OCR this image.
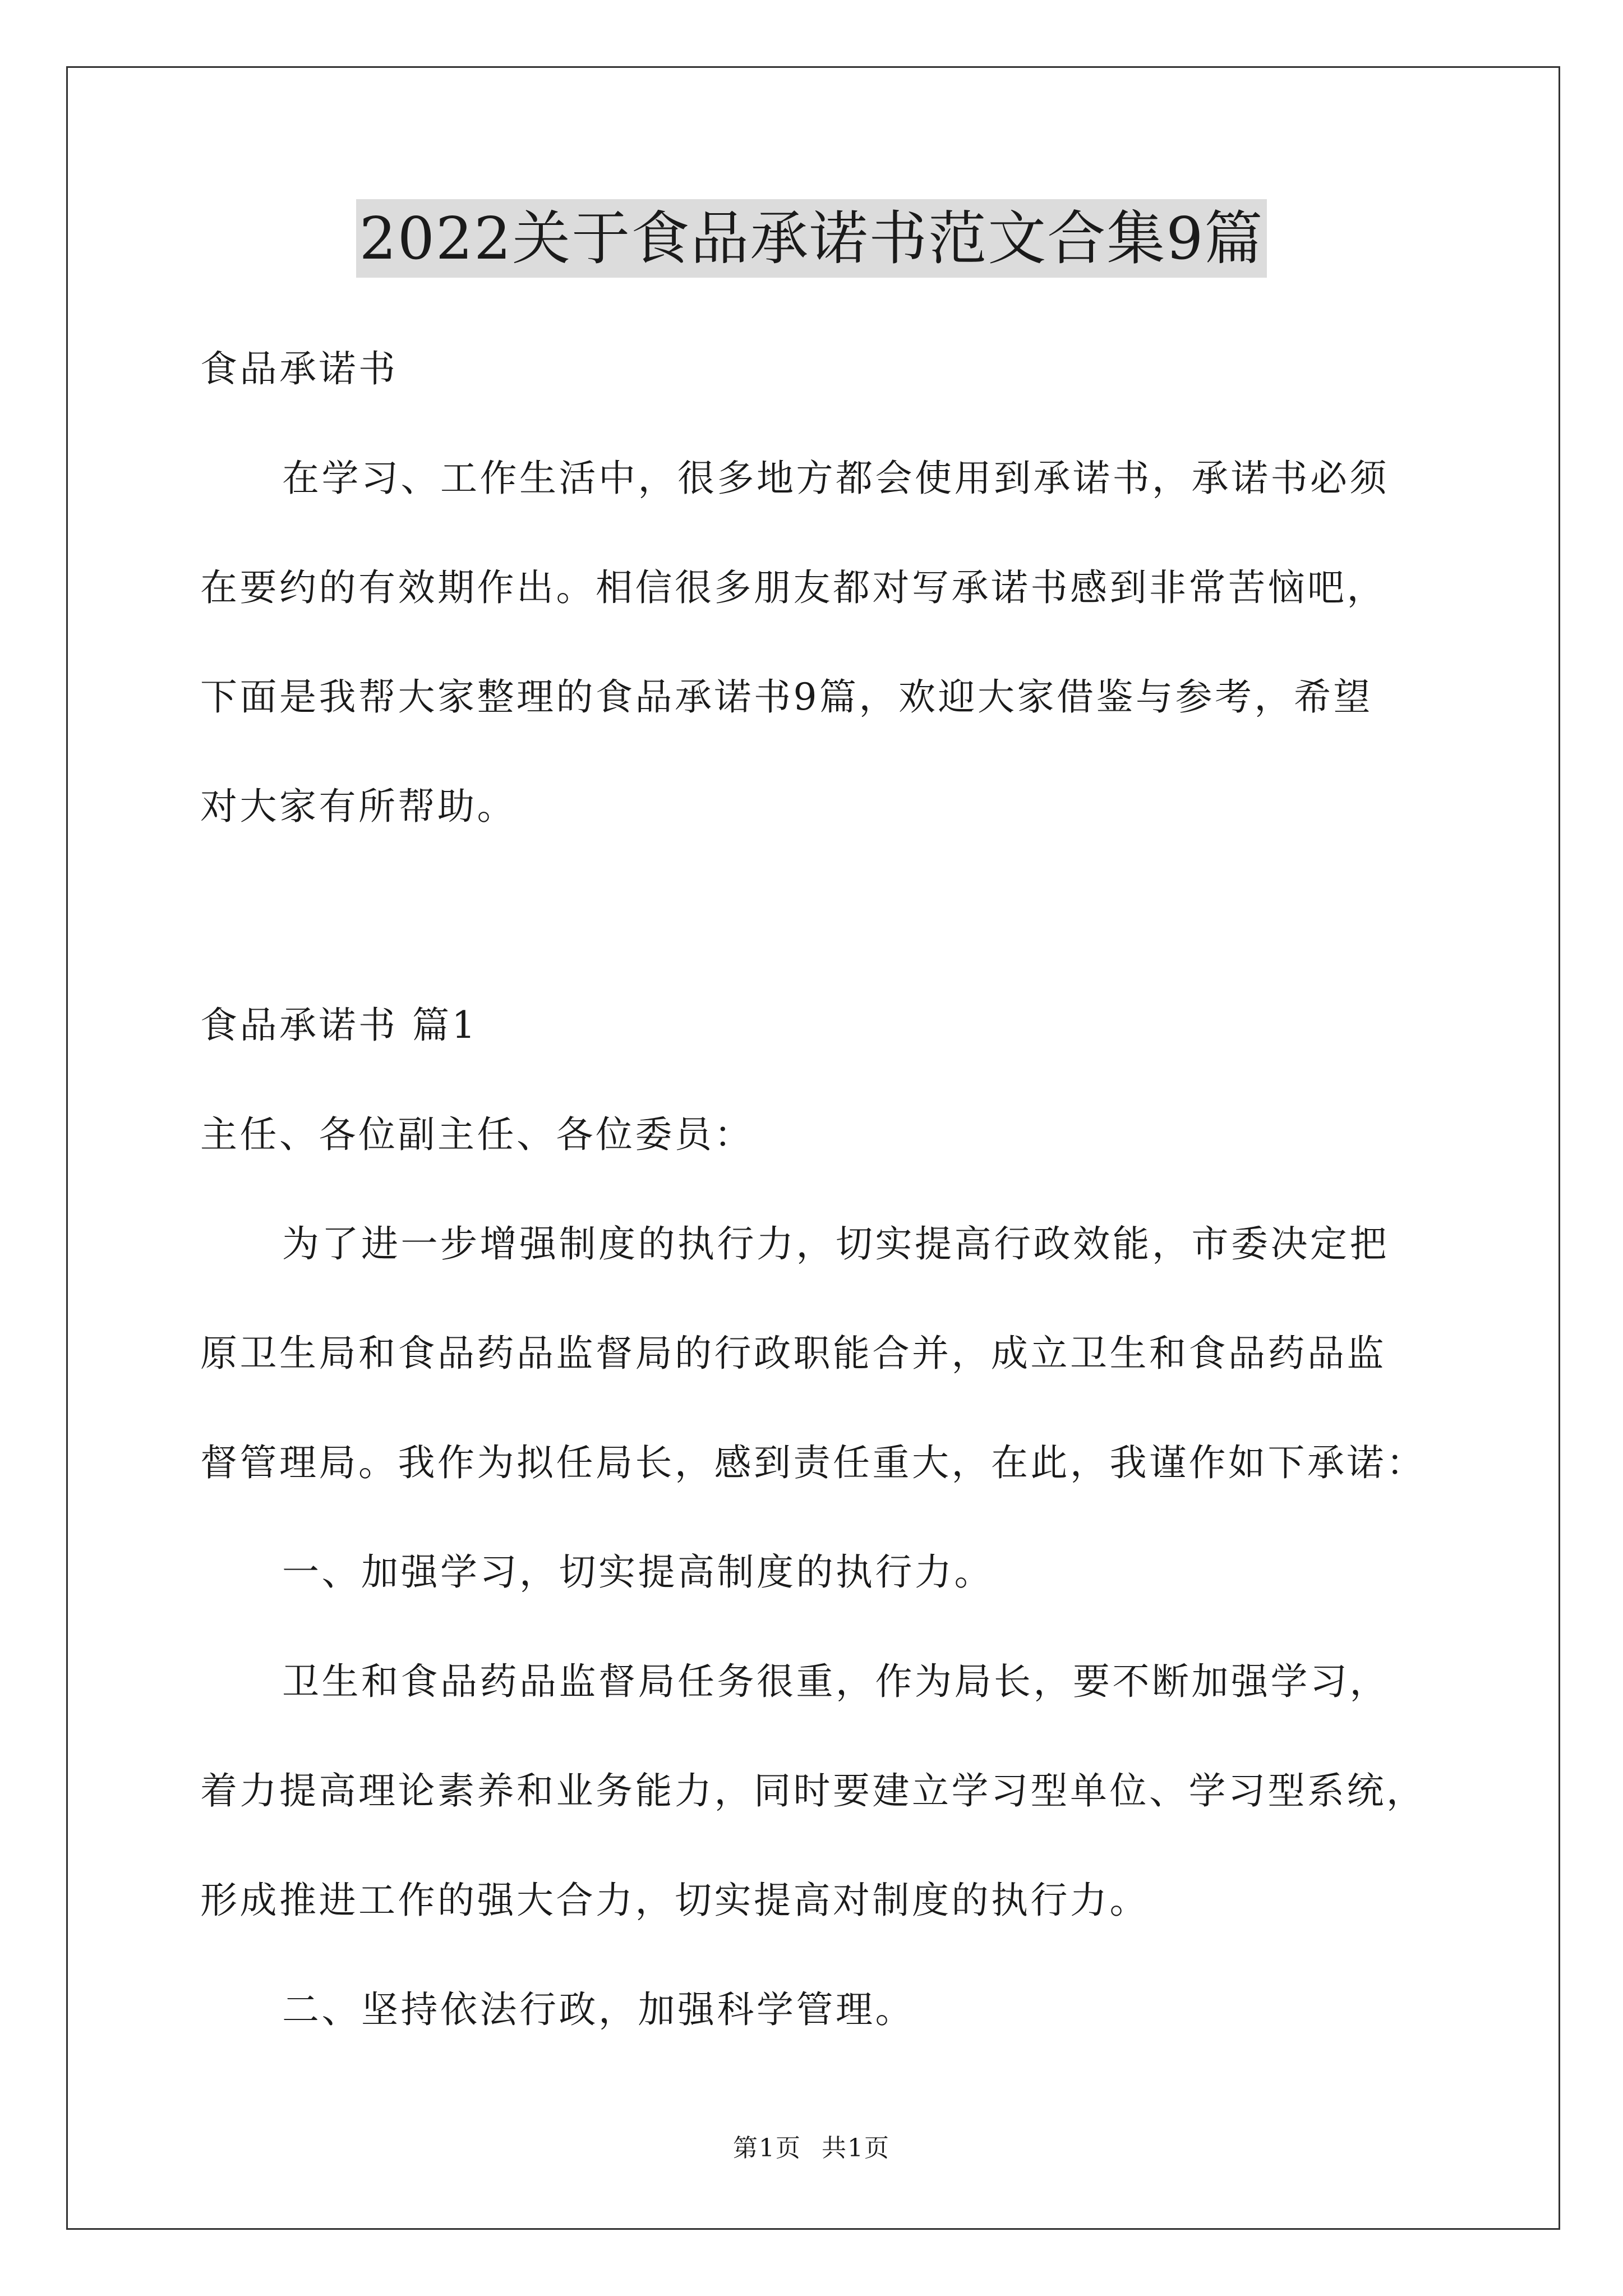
2022关于食品承诺书范文合集9篇
食品承诺书
在学习、工作生活中，很多地方都会使用到承诺书，承诺书必须
在要约的有效期作出。相信很多朋友都对写承诺书感到非常苦恼吧，
下面是我帮大家整理的食品承诺书9篇，欢迎大家借鉴与参考，希望
对大家有所帮助。
食品承诺书 篇1
主任、各位副主任、各位委员：
为了进一步增强制度的执行力，切实提高行政效能，市委决定把
原卫生局和食品药品监督局的行政职能合并，成立卫生和食品药品监
督管理局。我作为拟任局长，感到责任重大，在此，我谨作如下承诺：
一、加强学习，切实提高制度的执行力。
卫生和食品药品监督局任务很重，作为局长，要不断加强学习，
着力提高理论素养和业务能力，同时要建立学习型单位、学习型系统，
形成推进工作的强大合力，切实提高对制度的执行力。
二、坚持依法行政，加强科学管理。
第1页 共1页
